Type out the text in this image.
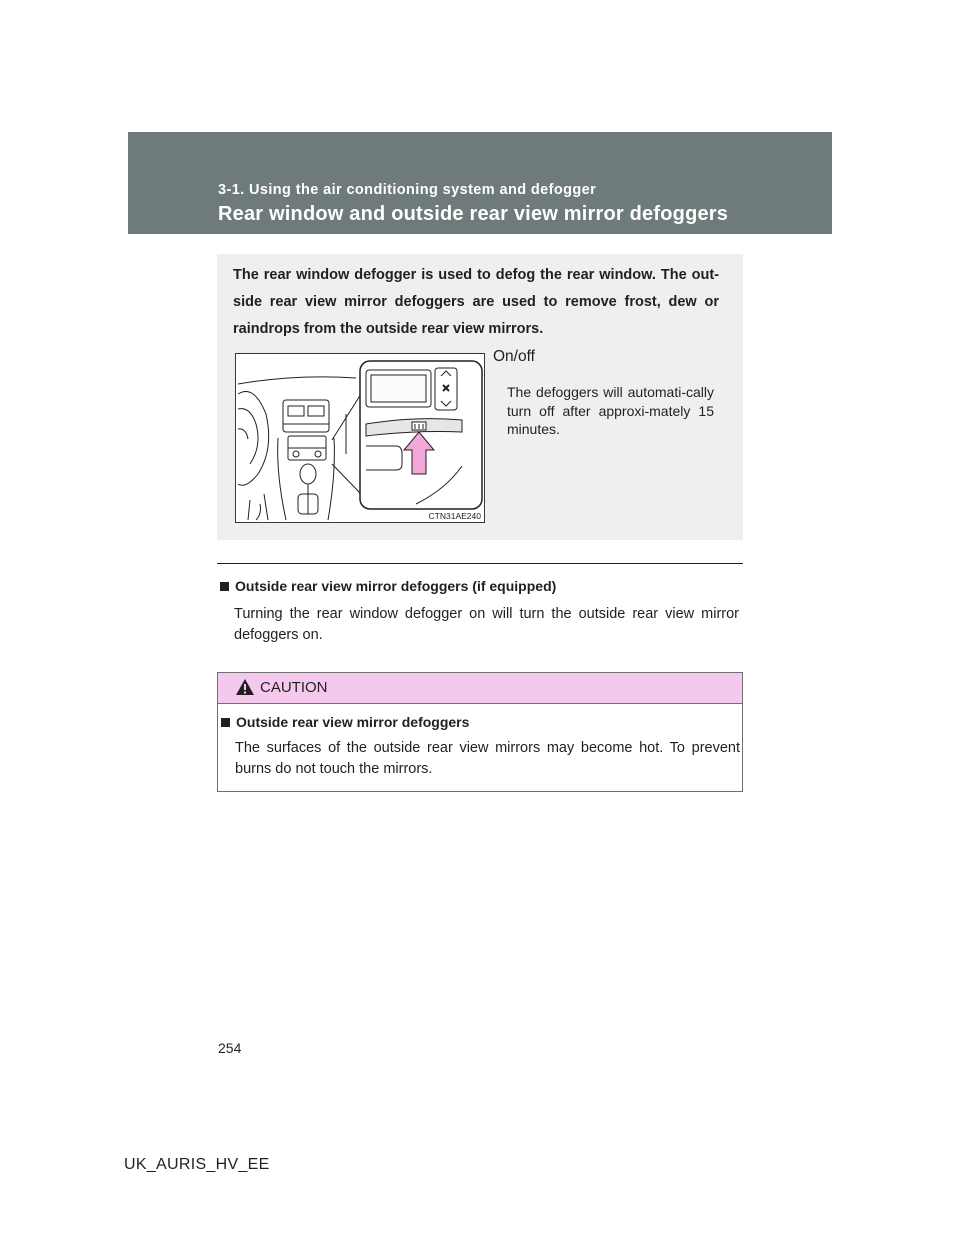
3-1. Using the air conditioning system and defogger
Rear window and outside rear view mirror defoggers
The rear window defogger is used to defog the rear window. The out-side rear view mirror defoggers are used to remove frost, dew or raindrops from the outside rear view mirrors.
CTN31AE240
On/off
The defoggers will automati-cally turn off after approxi-mately 15 minutes.
Outside rear view mirror defoggers (if equipped)
Turning the rear window defogger on will turn the outside rear view mirror defoggers on.
CAUTION
Outside rear view mirror defoggers
The surfaces of the outside rear view mirrors may become hot. To prevent burns do not touch the mirrors.
254
UK_AURIS_HV_EE
